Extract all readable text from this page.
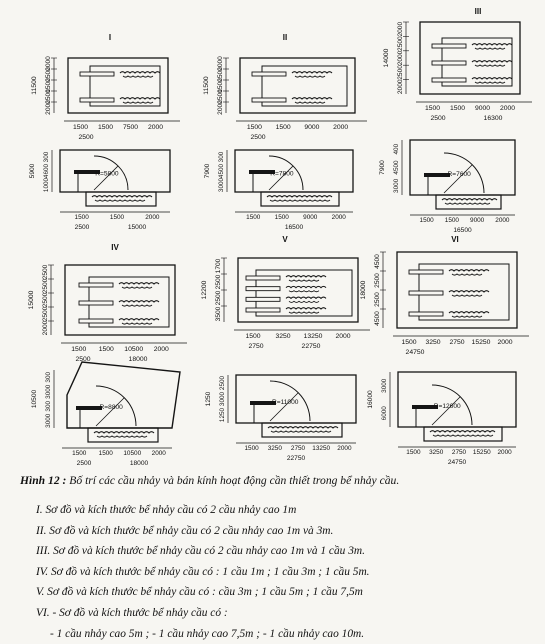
I
2000
2500
1500
2500
2000
11500
1500 1500 7500 2000
2500
II
2000
2500
1500
2500
2000
11500
1500 1500 9000 2000
2500
III
2000
2500
2000
2500
2000
14000
1500 1500 9000 2000
2500	16300
IV
2500
2500
2500
2500
2000
15000
1500 1500 10500 2000
2500	18000
V
1700
2500
2500
3500
12200
1500 3250 13250 2000
2750	22750
VI
4500
2500
2500
4500
18000
1500 3250 2750 15250 2000
24750
R=5800
300
4600
1000
5900
1500	1500	2000
2500	15000
R=7800
300
4500
3000
7900
1500 1500 9000 2000
16500
R=7600
400
4500
3000
7900
1500 1500 9000 2000
16500
R=8800
300
3000
300
3000
10500
1500 1500 10500 2000
2500	18000
R=11000
2500
3000
1250
1250
1500 3250 2750 13250 2000
22750
R=12600
3000
6000
16000
1500 3250 2750 15250 2000
24750
Hình 12 : Bố trí các cầu nhảy và bán kính hoạt động cần thiết trong bể nhảy cầu.
I. Sơ đồ và kích thước bể nhảy cầu có 2 cầu nhảy cao 1m
II. Sơ đồ và kích thước bể nhảy cầu có 2 cầu nhảy cao 1m và 3m.
III. Sơ đồ và kích thước bể nhảy cầu có 2 cầu nhảy cao 1m và 1 cầu 3m.
IV. Sơ đồ và kích thước bể nhảy cầu có : 1 cầu 1m ; 1 cầu 3m ; 1 cầu 5m.
V. Sơ đồ và kích thước bể nhảy cầu có : cầu 3m ; 1 cầu 5m ; 1 cầu 7,5m
VI. - Sơ đồ và kích thước bể nhảy cầu có :
- 1 cầu nhảy cao 5m ; - 1 cầu nhảy cao 7,5m ; - 1 cầu nhảy cao 10m.
